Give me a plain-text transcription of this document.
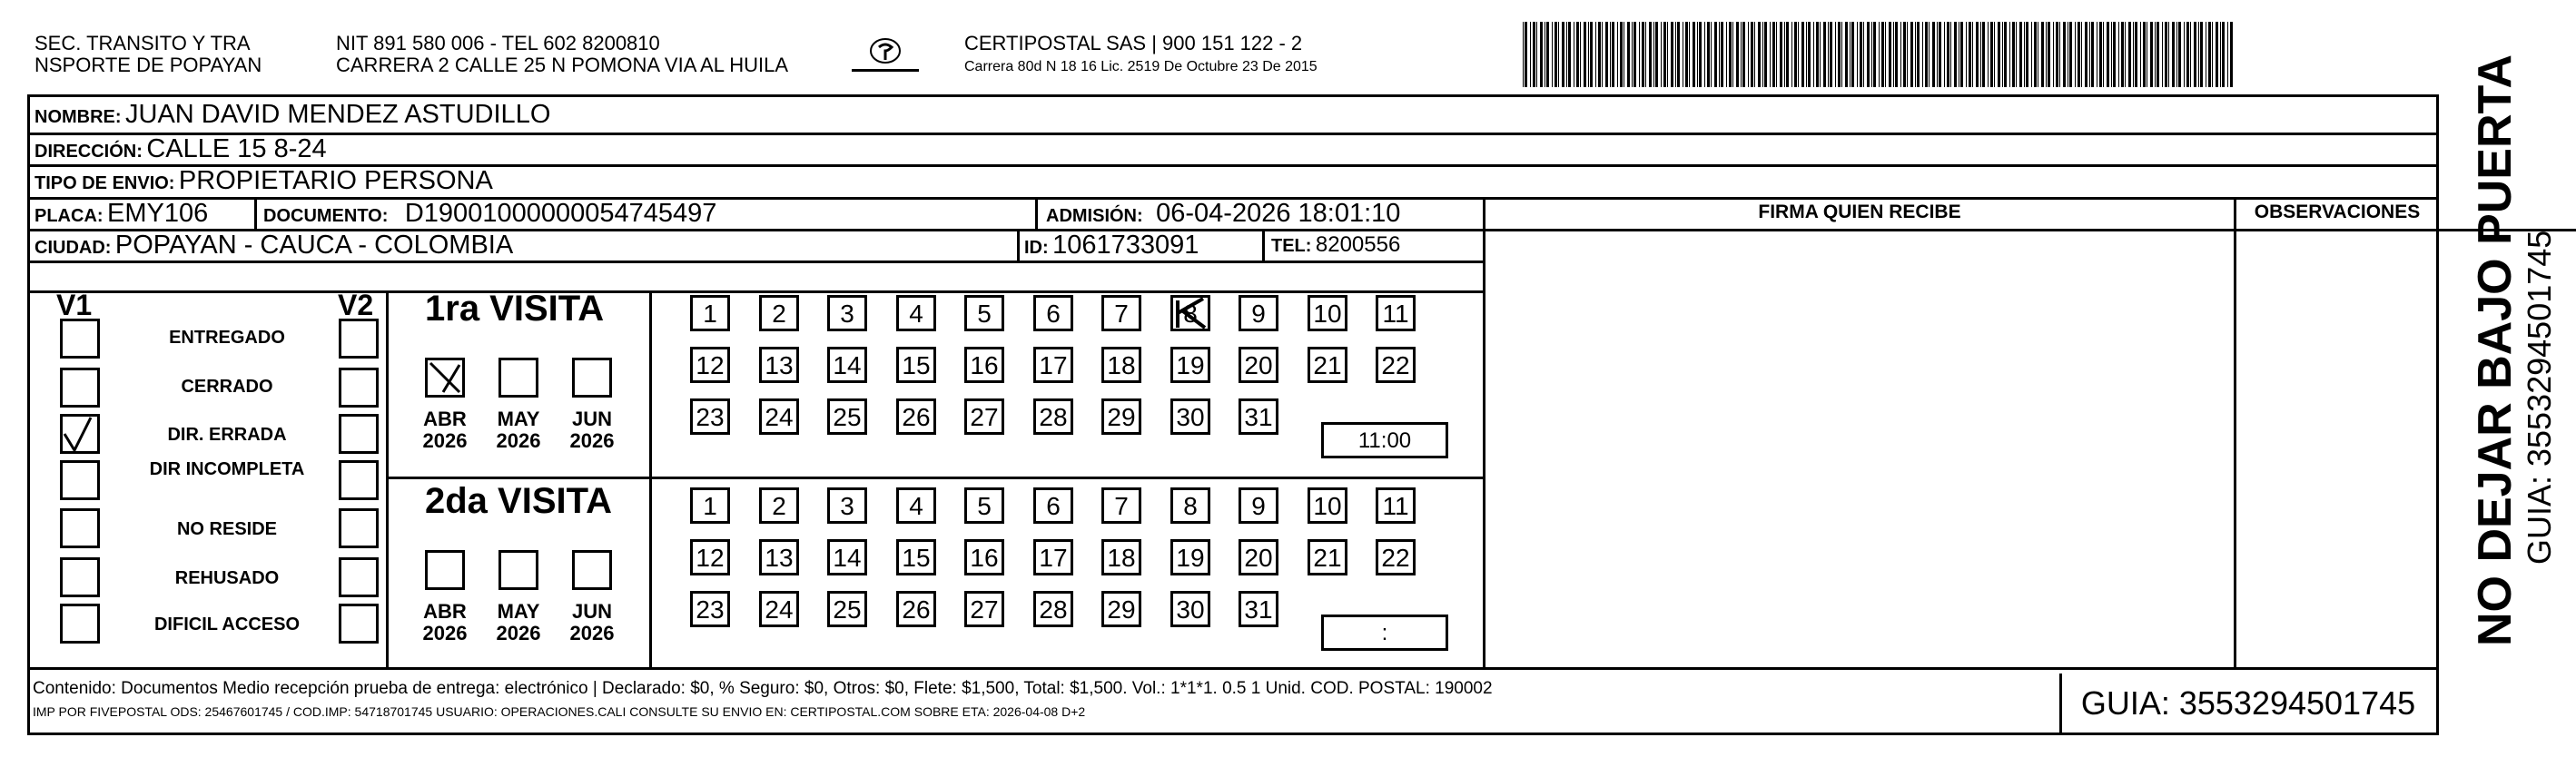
SEC. TRANSITO Y TRA
NSPORTE DE POPAYAN
NIT 891 580 006 - TEL 602 8200810
CARRERA 2 CALLE 25 N POMONA VIA AL HUILA
CERTIPOSTAL SAS | 900 151 122 - 2
Carrera 80d N 18 16 Lic. 2519 De Octubre 23 De 2015
NOMBRE: JUAN DAVID MENDEZ ASTUDILLO
DIRECCIÓN: CALLE 15 8-24
TIPO DE ENVIO: PROPIETARIO PERSONA
PLACA: EMY106	DOCUMENTO: D19001000000054745497	ADMISIÓN: 06-04-2026 18:01:10
CIUDAD: POPAYAN - CAUCA - COLOMBIA	ID: 1061733091	TEL: 8200556
FIRMA QUIEN RECIBE	OBSERVACIONES
V1	V2
ENTREGADO
CERRADO
DIR. ERRADA
DIR INCOMPLETA
NO RESIDE
REHUSADO
DIFICIL ACCESO
1ra VISITA
ABR MAY	JUN
2026 2026 2026
1	2	3	4	5	6	7	8	9	10 11
12 13 14 15 16 17 18 19 20 21 22
23 24 25 26 27 28 29 30 31
11:00
2da VISITA
ABR MAY	JUN
2026 2026 2026
1	2	3	4	5	6	7	8	9	10 11
12 13 14 15 16 17 18 19 20 21 22
23 24 25 26 27 28 29 30 31
:	NO DEJAR BAJO PUERTA GUIA: 3553294501745
Contenido: Documentos Medio recepción prueba de entrega: electrónico | Declarado: $0, % Seguro: $0, Otros: $0, Flete: $1,500, Total: $1,500. Vol.: 1*1*1. 0.5 1 Unid. COD. POSTAL: 190002
IMP POR FIVEPOSTAL ODS: 25467601745 / COD.IMP: 54718701745 USUARIO: OPERACIONES.CALI CONSULTE SU ENVIO EN: CERTIPOSTAL.COM SOBRE ETA: 2026-04-08 D+2	GUIA: 3553294501745
